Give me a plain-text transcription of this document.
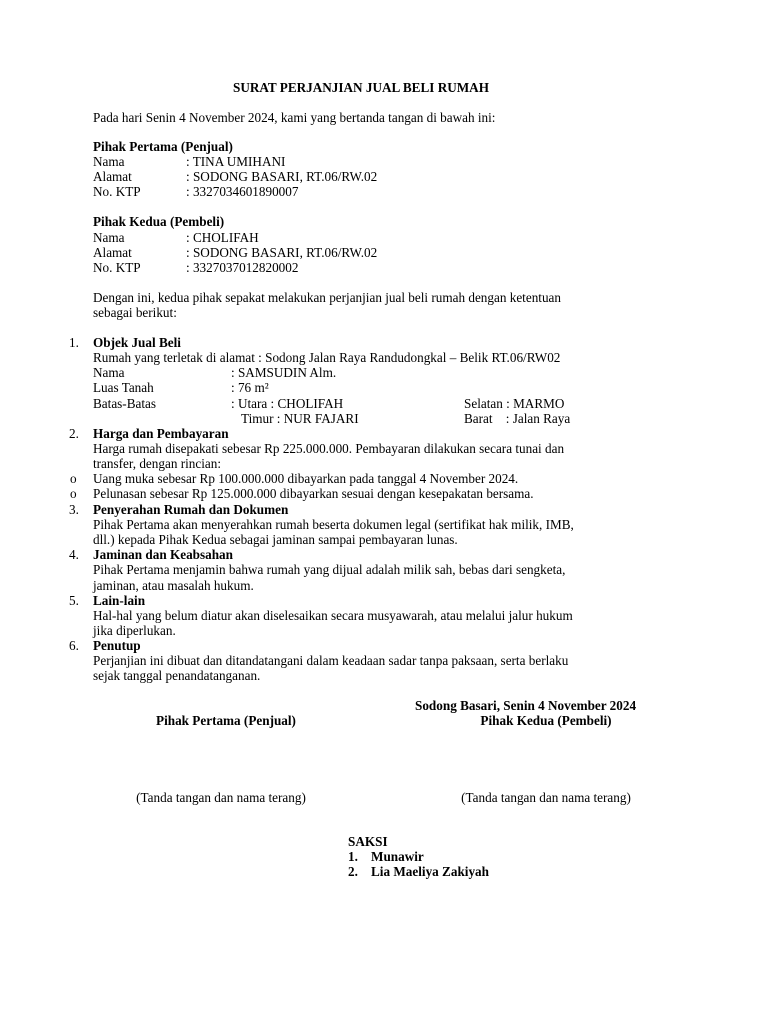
SURAT PERJANJIAN JUAL BELI RUMAH
Pada hari Senin 4 November 2024, kami yang bertanda tangan di bawah ini:
Pihak Pertama (Penjual)
Nama	: TINA UMIHANI
Alamat	: SODONG BASARI, RT.06/RW.02
No. KTP	: 3327034601890007
Pihak Kedua (Pembeli)
Nama	: CHOLIFAH
Alamat	: SODONG BASARI, RT.06/RW.02
No. KTP	: 3327037012820002
Dengan ini, kedua pihak sepakat melakukan perjanjian jual beli rumah dengan ketentuan
sebagai berikut:
1. Objek Jual Beli
Rumah yang terletak di alamat : Sodong Jalan Raya Randudongkal – Belik RT.06/RW02
Nama	: SAMSUDIN Alm.
Luas Tanah	: 76 m²
Batas-Batas	: Utara : CHOLIFAH	Selatan : MARMO
Timur : NUR FAJARI	Barat    : Jalan Raya
2. Harga dan Pembayaran
Harga rumah disepakati sebesar Rp 225.000.000. Pembayaran dilakukan secara tunai dan
transfer, dengan rincian:
o Uang muka sebesar Rp 100.000.000 dibayarkan pada tanggal 4 November 2024.
o Pelunasan sebesar Rp 125.000.000 dibayarkan sesuai dengan kesepakatan bersama.
3. Penyerahan Rumah dan Dokumen
Pihak Pertama akan menyerahkan rumah beserta dokumen legal (sertifikat hak milik, IMB,
dll.) kepada Pihak Kedua sebagai jaminan sampai pembayaran lunas.
4. Jaminan dan Keabsahan
Pihak Pertama menjamin bahwa rumah yang dijual adalah milik sah, bebas dari sengketa,
jaminan, atau masalah hukum.
5. Lain-lain
Hal-hal yang belum diatur akan diselesaikan secara musyawarah, atau melalui jalur hukum
jika diperlukan.
6. Penutup
Perjanjian ini dibuat dan ditandatangani dalam keadaan sadar tanpa paksaan, serta berlaku
sejak tanggal penandatanganan.
Sodong Basari, Senin 4 November 2024
Pihak Pertama (Penjual)	Pihak Kedua (Pembeli)
(Tanda tangan dan nama terang)	(Tanda tangan dan nama terang)
SAKSI
1. Munawir
2. Lia Maeliya Zakiyah
